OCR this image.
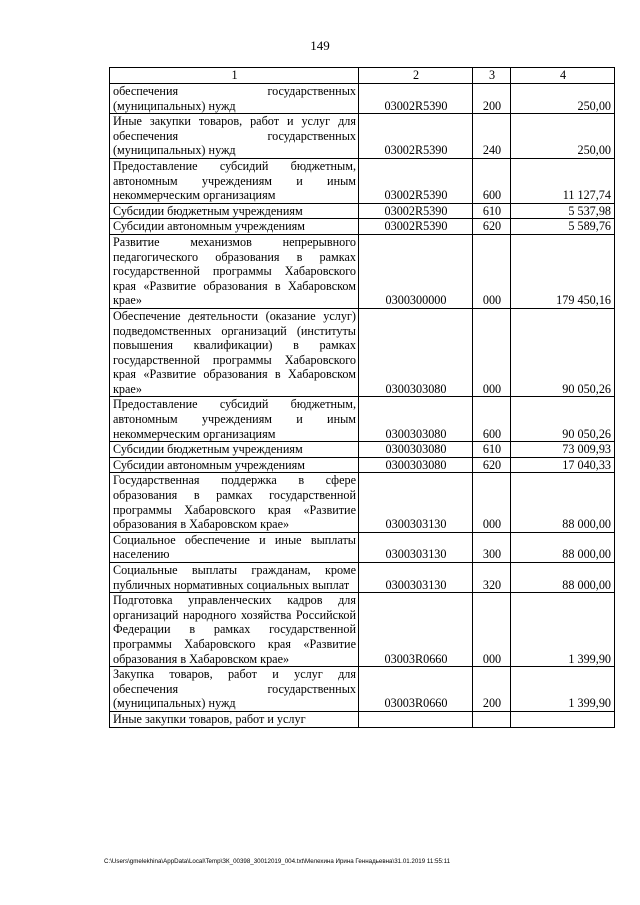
149
1	2	3	4
обеспечения государственных (муниципальных) нужд	03002R5390	200	250,00
Иные закупки товаров, работ и услуг для обеспечения государственных (муниципальных) нужд	03002R5390	240	250,00
Предоставление субсидий бюджетным, автономным учреждениям и иным некоммерческим организациям	03002R5390	600	11 127,74
Субсидии бюджетным учреждениям	03002R5390	610	5 537,98
Субсидии автономным учреждениям	03002R5390	620	5 589,76
Развитие механизмов непрерывного педагогического образования в рамках государственной программы Хабаровского края «Развитие образования в Хабаровском крае»	0300300000	000	179 450,16
Обеспечение деятельности (оказание услуг) подведомственных организаций (институты повышения квалификации) в рамках государственной программы Хабаровского края «Развитие образования в Хабаровском крае»	0300303080	000	90 050,26
Предоставление субсидий бюджетным, автономным учреждениям и иным некоммерческим организациям	0300303080	600	90 050,26
Субсидии бюджетным учреждениям	0300303080	610	73 009,93
Субсидии автономным учреждениям	0300303080	620	17 040,33
Государственная поддержка в сфере образования в рамках государственной программы Хабаровского края «Развитие образования в Хабаровском крае»	0300303130	000	88 000,00
Социальное обеспечение и иные выплаты населению	0300303130	300	88 000,00
Социальные выплаты гражданам, кроме публичных нормативных социальных выплат	0300303130	320	88 000,00
Подготовка управленческих кадров для организаций народного хозяйства Российской Федерации в рамках государственной программы Хабаровского края «Развитие образования в Хабаровском крае»	03003R0660	000	1 399,90
Закупка товаров, работ и услуг для обеспечения государственных (муниципальных) нужд	03003R0660	200	1 399,90
Иные закупки товаров, работ и услуг			
C:\Users\gmelekhina\AppData\Local\Temp\ЗК_00398_30012019_004.txt\Мелехина Ирина Геннадьевна\31.01.2019 11:55:11
